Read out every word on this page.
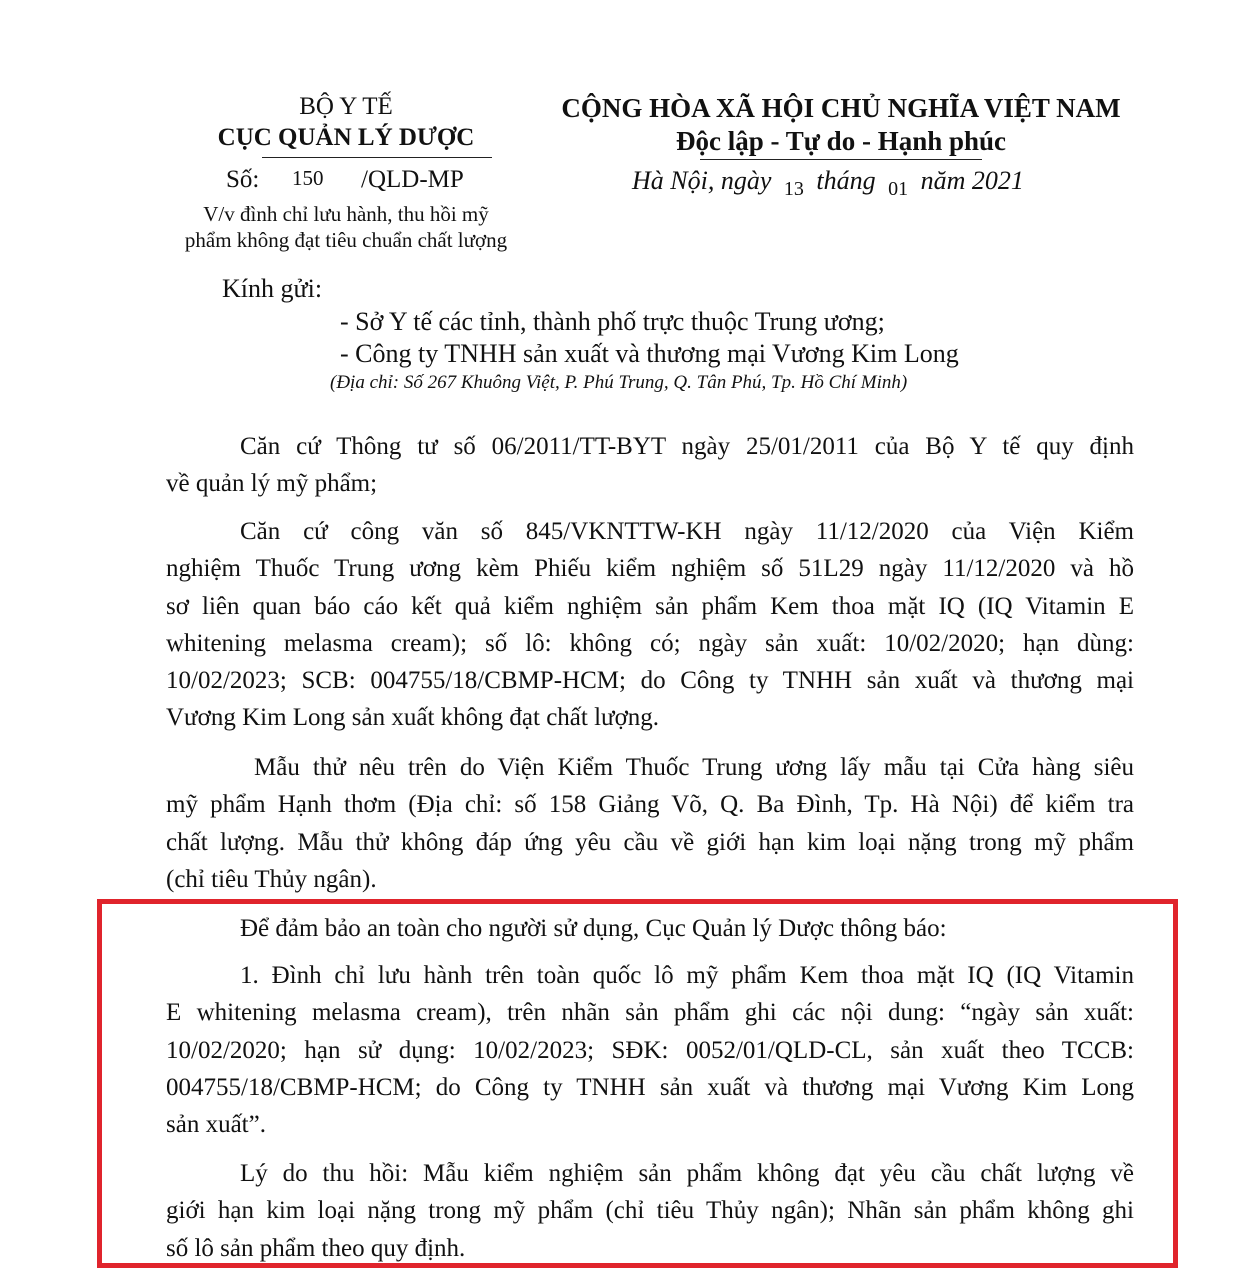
BỘ Y TẾ
CỤC QUẢN LÝ DƯỢC
Số: 150 /QLD-MP
V/v đình chỉ lưu hành, thu hồi mỹ
phẩm không đạt tiêu chuẩn chất lượng
CỘNG HÒA XÃ HỘI CHỦ NGHĨA VIỆT NAM
Độc lập - Tự do - Hạnh phúc
Hà Nội, ngày $_{13}$ tháng $_{01}$ năm 2021
Kính gửi:
- Sở Y tế các tỉnh, thành phố trực thuộc Trung ương;
- Công ty TNHH sản xuất và thương mại Vương Kim Long
(Địa chỉ: Số 267 Khuông Việt, P. Phú Trung, Q. Tân Phú, Tp. Hồ Chí Minh)
Căn cứ Thông tư số 06/2011/TT-BYT ngày 25/01/2011 của Bộ Y tế quy định
về quản lý mỹ phẩm;
Căn cứ công văn số 845/VKNTTW-KH ngày 11/12/2020 của Viện Kiểm
nghiệm Thuốc Trung ương kèm Phiếu kiểm nghiệm số 51L29 ngày 11/12/2020 và hồ
sơ liên quan báo cáo kết quả kiểm nghiệm sản phẩm Kem thoa mặt IQ (IQ Vitamin E
whitening melasma cream); số lô: không có; ngày sản xuất: 10/02/2020; hạn dùng:
10/02/2023; SCB: 004755/18/CBMP-HCM; do Công ty TNHH sản xuất và thương mại
Vương Kim Long sản xuất không đạt chất lượng.
Mẫu thử nêu trên do Viện Kiểm Thuốc Trung ương lấy mẫu tại Cửa hàng siêu
mỹ phẩm Hạnh thơm (Địa chỉ: số 158 Giảng Võ, Q. Ba Đình, Tp. Hà Nội) để kiểm tra
chất lượng. Mẫu thử không đáp ứng yêu cầu về giới hạn kim loại nặng trong mỹ phẩm
(chỉ tiêu Thủy ngân).
Để đảm bảo an toàn cho người sử dụng, Cục Quản lý Dược thông báo:
1. Đình chỉ lưu hành trên toàn quốc lô mỹ phẩm Kem thoa mặt IQ (IQ Vitamin
E whitening melasma cream), trên nhãn sản phẩm ghi các nội dung: “ngày sản xuất:
10/02/2020; hạn sử dụng: 10/02/2023; SĐK: 0052/01/QLD-CL, sản xuất theo TCCB:
004755/18/CBMP-HCM; do Công ty TNHH sản xuất và thương mại Vương Kim Long
sản xuất”.
Lý do thu hồi: Mẫu kiểm nghiệm sản phẩm không đạt yêu cầu chất lượng về
giới hạn kim loại nặng trong mỹ phẩm (chỉ tiêu Thủy ngân); Nhãn sản phẩm không ghi
số lô sản phẩm theo quy định.
